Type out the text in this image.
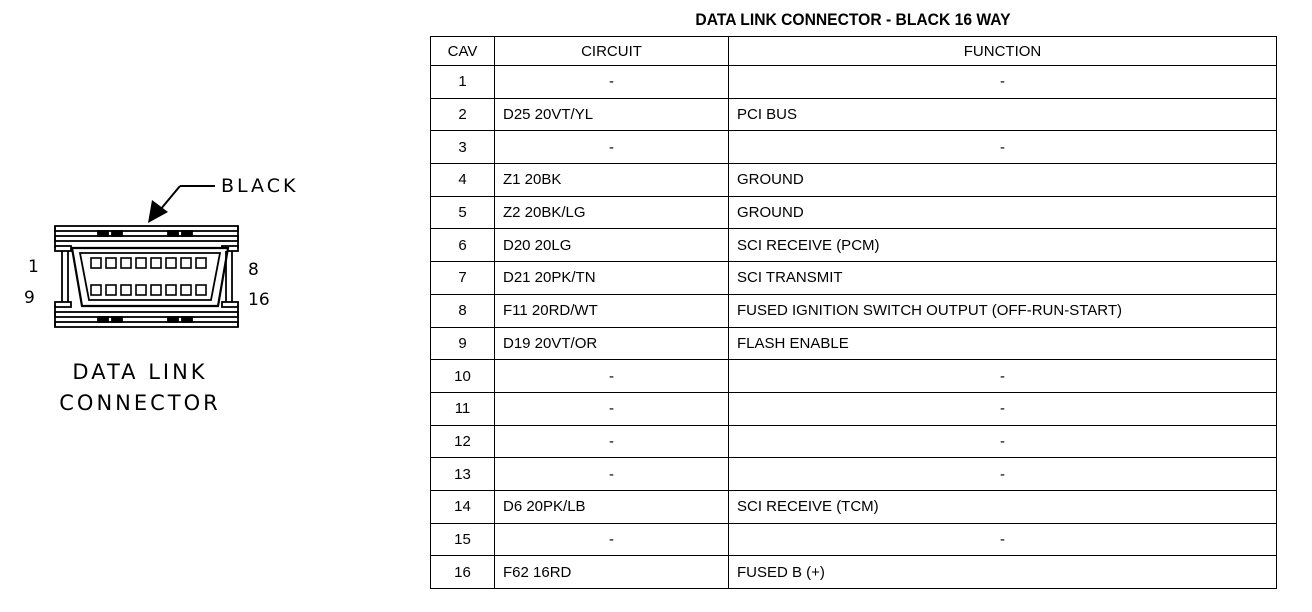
BLACK
1
9
8
16
DATA LINK
CONNECTOR
DATA LINK CONNECTOR - BLACK 16 WAY
CAV	CIRCUIT	FUNCTION
1	-	-
2	D25 20VT/YL	PCI BUS
3	-	-
4	Z1 20BK	GROUND
5	Z2 20BK/LG	GROUND
6	D20 20LG	SCI RECEIVE (PCM)
7	D21 20PK/TN	SCI TRANSMIT
8	F11 20RD/WT	FUSED IGNITION SWITCH OUTPUT (OFF-RUN-START)
9	D19 20VT/OR	FLASH ENABLE
10	-	-
11	-	-
12	-	-
13	-	-
14	D6 20PK/LB	SCI RECEIVE (TCM)
15	-	-
16	F62 16RD	FUSED B (+)
